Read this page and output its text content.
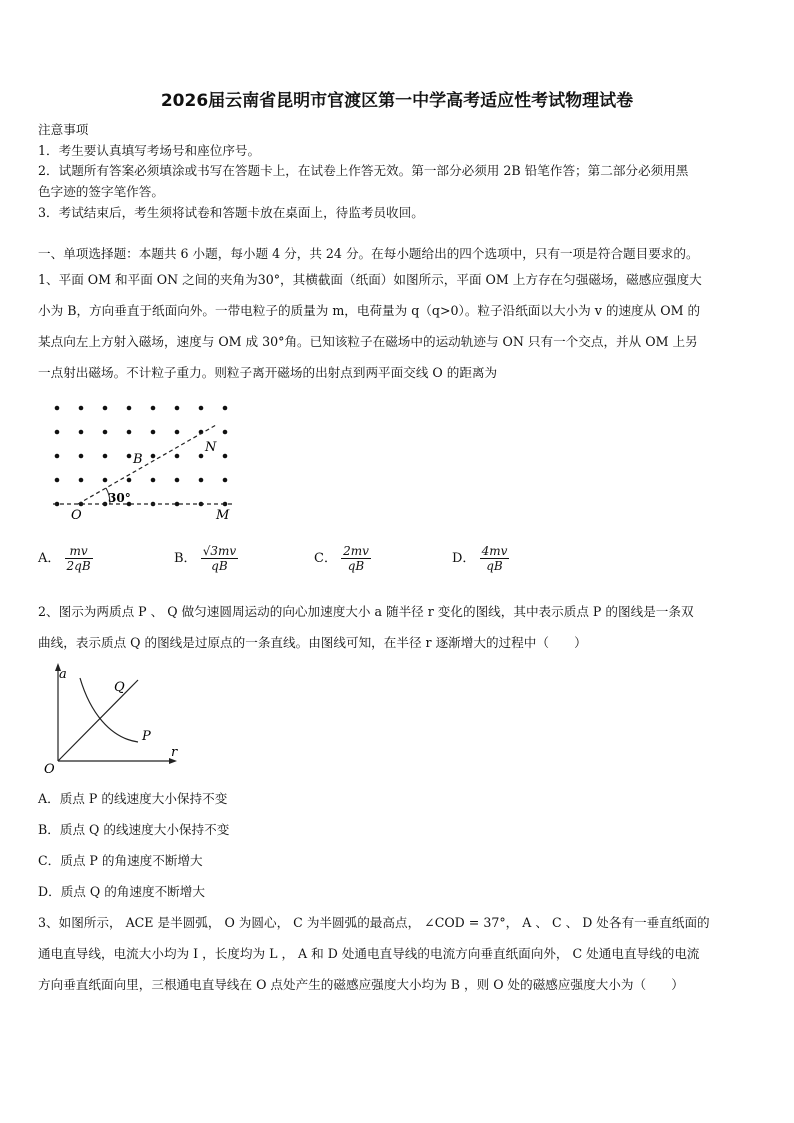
2026届云南省昆明市官渡区第一中学高考适应性考试物理试卷
注意事项
1．考生要认真填写考场号和座位序号。
2．试题所有答案必须填涂或书写在答题卡上，在试卷上作答无效。第一部分必须用 2B 铅笔作答；第二部分必须用黑
色字迹的签字笔作答。
3．考试结束后，考生须将试卷和答题卡放在桌面上，待监考员收回。
一、单项选择题：本题共 6 小题，每小题 4 分，共 24 分。在每小题给出的四个选项中，只有一项是符合题目要求的。
1、平面 OM 和平面 ON 之间的夹角为30°，其横截面（纸面）如图所示，平面 OM 上方存在匀强磁场，磁感应强度大
小为 B，方向垂直于纸面向外。一带电粒子的质量为 m，电荷量为 q（q>0）。粒子沿纸面以大小为 v 的速度从 OM 的
某点向左上方射入磁场，速度与 OM 成 30°角。已知该粒子在磁场中的运动轨迹与 ON 只有一个交点，并从 OM 上另
一点射出磁场。不计粒子重力。则粒子离开磁场的出射点到两平面交线 O 的距离为
30°
B
N
O	M
A． $\frac{mv}{2qB}$	B． $\frac{√3mv}{qB}$	C． $\frac{2mv}{qB}$	D． $\frac{4mv}{qB}$
2、图示为两质点 P 、 Q 做匀速圆周运动的向心加速度大小 a 随半径 r 变化的图线，其中表示质点 P 的图线是一条双
曲线，表示质点 Q 的图线是过原点的一条直线。由图线可知，在半径 r 逐渐增大的过程中（　　）
a
r
O
Q
P
A．质点 P 的线速度大小保持不变
B．质点 Q 的线速度大小保持不变
C．质点 P 的角速度不断增大
D．质点 Q 的角速度不断增大
3、如图所示， ACE 是半圆弧， O 为圆心， C 为半圆弧的最高点， ∠COD = 37°， A 、 C 、 D 处各有一垂直纸面的
通电直导线，电流大小均为 I ，长度均为 L ， A 和 D 处通电直导线的电流方向垂直纸面向外， C 处通电直导线的电流
方向垂直纸面向里，三根通电直导线在 O 点处产生的磁感应强度大小均为 B ，则 O 处的磁感应强度大小为（　　）
